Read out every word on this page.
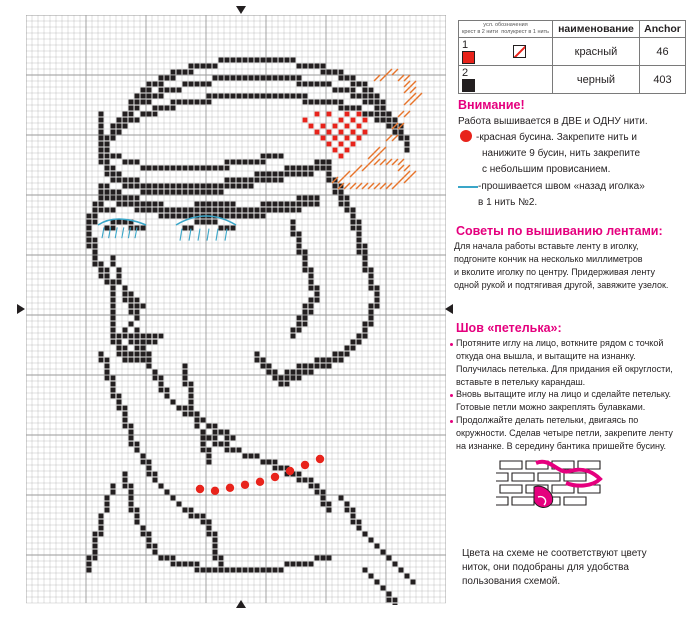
усл. обозначения
крест в 2 нити полукрест в 1 нить		наименование	Anchor
1		красный	46
2		черный	403
Внимание!
Работа вышивается в ДВЕ и ОДНУ нити.
-красная бусина. Закрепите нить и
нанижите 9 бусин, нить закрепите
с небольшим провисанием.
-прошивается швом «назад иголка»
в 1 нить №2.
Советы по вышиванию лентами:
Для начала работы вставьте ленту в иголку,
подгоните кончик на несколько миллиметров
и вколите иголку по центру. Придерживая ленту
одной рукой и подтягивая другой, завяжите узелок.
Шов «петелька»:
Протяните иглу на лицо, воткните рядом с точкой
откуда она вышла, и вытащите на изнанку.
Получилась петелька. Для придания ей округлости,
вставьте в петельку карандаш.
Вновь вытащите иглу на лицо и сделайте петельку.
Готовые петли можно закреплять булавками.
Продолжайте делать петельки, двигаясь по
окружности. Сделав четыре петли, закрепите ленту
на изнанке. В середину бантика пришейте бусину.
Цвета на схеме не соответствуют цвету
ниток, они подобраны для удобства
пользования схемой.
